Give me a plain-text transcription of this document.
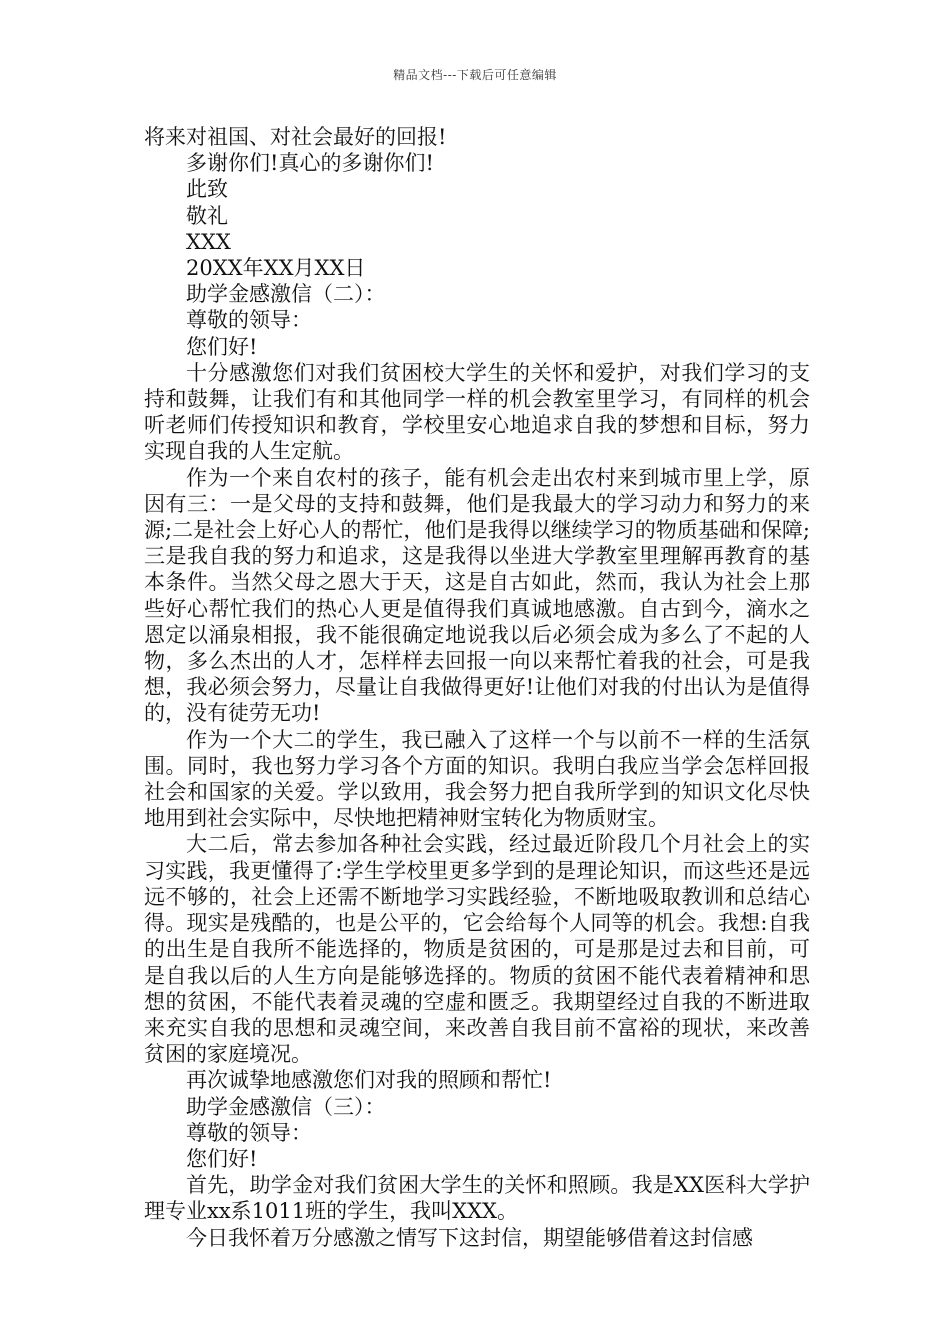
精品文档---下载后可任意编辑

将来对祖国、对社会最好的回报!

多谢你们!真心的多谢你们!

此致

敬礼

XXX

20XX年XX月XX日

助学金感激信（二）：

尊敬的领导：

您们好!

十分感激您们对我们贫困校大学生的关怀和爱护，对我们学习的支持和鼓舞，让我们有和其他同学一样的机会教室里学习，有同样的机会听老师们传授知识和教育，学校里安心地追求自我的梦想和目标，努力实现自我的人生定航。

作为一个来自农村的孩子，能有机会走出农村来到城市里上学，原因有三：一是父母的支持和鼓舞，他们是我最大的学习动力和努力的来源;二是社会上好心人的帮忙，他们是我得以继续学习的物质基础和保障;三是我自我的努力和追求，这是我得以坐进大学教室里理解再教育的基本条件。当然父母之恩大于天，这是自古如此，然而，我认为社会上那些好心帮忙我们的热心人更是值得我们真诚地感激。自古到今，滴水之恩定以涌泉相报，我不能很确定地说我以后必须会成为多么了不起的人物，多么杰出的人才，怎样样去回报一向以来帮忙着我的社会，可是我想，我必须会努力，尽量让自我做得更好!让他们对我的付出认为是值得的，没有徒劳无功!

作为一个大二的学生，我已融入了这样一个与以前不一样的生活氛围。同时，我也努力学习各个方面的知识。我明白我应当学会怎样回报社会和国家的关爱。学以致用，我会努力把自我所学到的知识文化尽快地用到社会实际中，尽快地把精神财宝转化为物质财宝。

大二后，常去参加各种社会实践，经过最近阶段几个月社会上的实习实践，我更懂得了:学生学校里更多学到的是理论知识，而这些还是远远不够的，社会上还需不断地学习实践经验，不断地吸取教训和总结心得。现实是残酷的，也是公平的，它会给每个人同等的机会。我想:自我的出生是自我所不能选择的，物质是贫困的，可是那是过去和目前，可是自我以后的人生方向是能够选择的。物质的贫困不能代表着精神和思想的贫困，不能代表着灵魂的空虚和匮乏。我期望经过自我的不断进取来充实自我的思想和灵魂空间，来改善自我目前不富裕的现状，来改善贫困的家庭境况。

再次诚挚地感激您们对我的照顾和帮忙!

助学金感激信（三）：

尊敬的领导：

您们好!

首先，助学金对我们贫困大学生的关怀和照顾。我是XX医科大学护理专业xx系1011班的学生，我叫XXX。

今日我怀着万分感激之情写下这封信，期望能够借着这封信感
